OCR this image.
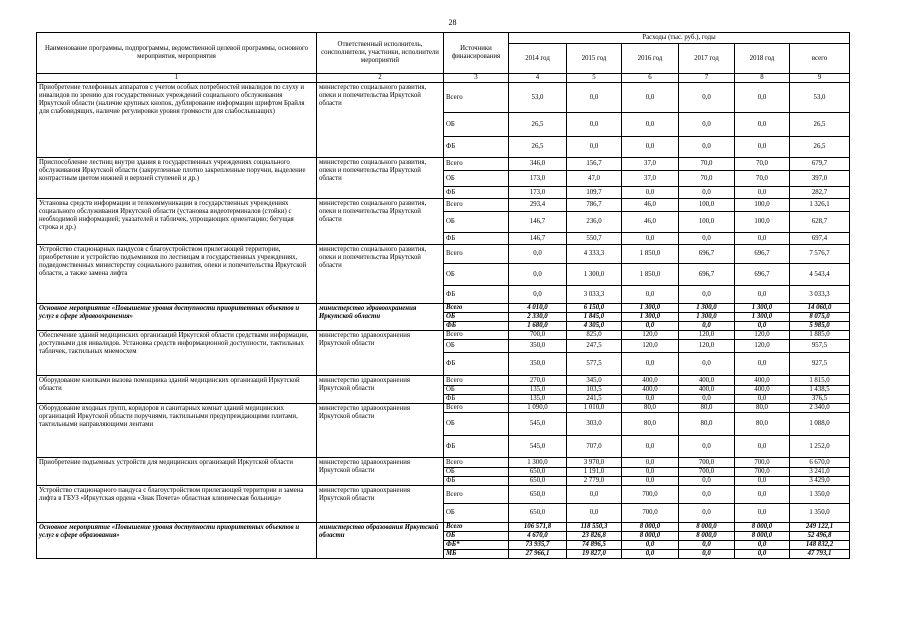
28
Наименование программы, подпрограммы, ведомственной целевой программы, основного мероприятия, мероприятия	Ответственный исполнитель, соисполнители, участники, исполнители мероприятий	Источники финансирования	Расходы (тыс. руб.), годы					
			2014 год	2015 год	2016 год	2017 год	2018 год	всего
1	2	3	4	5	6	7	8	9
Приобретение телефонных аппаратов с учетом особых потребностей инвалидов по слуху и инвалидов по зрению для государственных учреждений социального обслуживания Иркутской области (наличие крупных кнопок, дублирование информации шрифтом Брайля для слабовидящих, наличие регулировки уровня громкости для слабослышащих)	министерство социального развития, опеки и попечительства Иркутской области	Всего	53,0	0,0	0,0	0,0	0,0	53,0
		ОБ	26,5	0,0	0,0	0,0	0,0	26,5
		ФБ	26,5	0,0	0,0	0,0	0,0	26,5
Приспособление лестниц внутри здания в государственных учреждениях социального обслуживания Иркутской области (закругленные плотно закрепленные поручни, выделение контрастным цветом нижней и верхней ступеней и др.)	министерство социального развития, опеки и попечительства Иркутской области	Всего	346,0	156,7	37,0	70,0	70,0	679,7
		ОБ	173,0	47,0	37,0	70,0	70,0	397,0
		ФБ	173,0	109,7	0,0	0,0	0,0	282,7
Установка средств информации и телекоммуникации в государственных учреждениях социального обслуживания Иркутской области (установка видеотерминалов (стойки) с необходимой информацией; указателей и табличек, упрощающих ориентацию; бегущая строка и др.)	министерство социального развития, опеки и попечительства Иркутской области	Всего	293,4	786,7	46,0	100,0	100,0	1 326,1
		ОБ	146,7	236,0	46,0	100,0	100,0	628,7
		ФБ	146,7	550,7	0,0	0,0	0,0	697,4
Устройство стационарных пандусов с благоустройством прилегающей территории, приобретение и устройство подъемников по лестницам в государственных учреждениях, подведомственных министерству социального развития, опеки и попечительства Иркутской области, а также замена лифта	министерство социального развития, опеки и попечительства Иркутской области	Всего	0,0	4 333,3	1 850,0	696,7	696,7	7 576,7
		ОБ	0,0	1 300,0	1 850,0	696,7	696,7	4 543,4
		ФБ	0,0	3 033,3	0,0	0,0	0,0	3 033,3
Основное мероприятие «Повышение уровня доступности приоритетных объектов и услуг в сфере здравоохранения»	министерство здравоохранения Иркутской области	Всего	4 010,0	6 150,0	1 300,0	1 300,0	1 300,0	14 060,0
		ОБ	2 330,0	1 845,0	1 300,0	1 300,0	1 300,0	8 075,0
		ФБ	1 680,0	4 305,0	0,0	0,0	0,0	5 985,0
Обеспечение зданий медицинских организаций Иркутской области средствами информации, доступными для инвалидов. Установка средств информационной доступности, тактильных табличек, тактильных мнемосхем	министерство здравоохранения Иркутской области	Всего	700,0	825,0	120,0	120,0	120,0	1 885,0
		ОБ	350,0	247,5	120,0	120,0	120,0	957,5
		ФБ	350,0	577,5	0,0	0,0	0,0	927,5
Оборудование кнопками вызова помощника зданий медицинских организаций Иркутской области	министерство здравоохранения Иркутской области	Всего	270,0	345,0	400,0	400,0	400,0	1 815,0
		ОБ	135,0	103,5	400,0	400,0	400,0	1 438,5
		ФБ	135,0	241,5	0,0	0,0	0,0	376,5
Оборудование входных групп, коридоров и санитарных комнат зданий медицинских организаций Иркутской области поручнями, тактильными предупреждающими плитами, тактильными направляющими лентами	министерство здравоохранения Иркутской области	Всего	1 090,0	1 010,0	80,0	80,0	80,0	2 340,0
		ОБ	545,0	303,0	80,0	80,0	80,0	1 088,0
		ФБ	545,0	707,0	0,0	0,0	0,0	1 252,0
Приобретение подъемных устройств для медицинских организаций Иркутской области	министерство здравоохранения Иркутской области	Всего	1 300,0	3 970,0	0,0	700,0	700,0	6 670,0
		ОБ	650,0	1 191,0	0,0	700,0	700,0	3 241,0
		ФБ	650,0	2 779,0	0,0	0,0	0,0	3 429,0
Устройство стационарного пандуса с благоустройством прилегающей территории и замена лифта в ГБУЗ «Иркутская ордена «Знак Почета» областная клиническая больница»	министерство здравоохранения Иркутской области	Всего	650,0	0,0	700,0	0,0	0,0	1 350,0
		ОБ	650,0	0,0	700,0	0,0	0,0	1 350,0
Основное мероприятие «Повышение уровня доступности приоритетных объектов и услуг в сфере образования»	министерство образования Иркутской области	Всего	106 571,8	118 550,3	8 000,0	8 000,0	8 000,0	249 122,1
		ОБ	4 670,0	23 826,8	8 000,0	8 000,0	8 000,0	52 496,8
		ФБ*	73 935,7	74 896,5	0,0	0,0	0,0	148 832,2
		МБ	27 966,1	19 827,0	0,0	0,0	0,0	47 793,1
